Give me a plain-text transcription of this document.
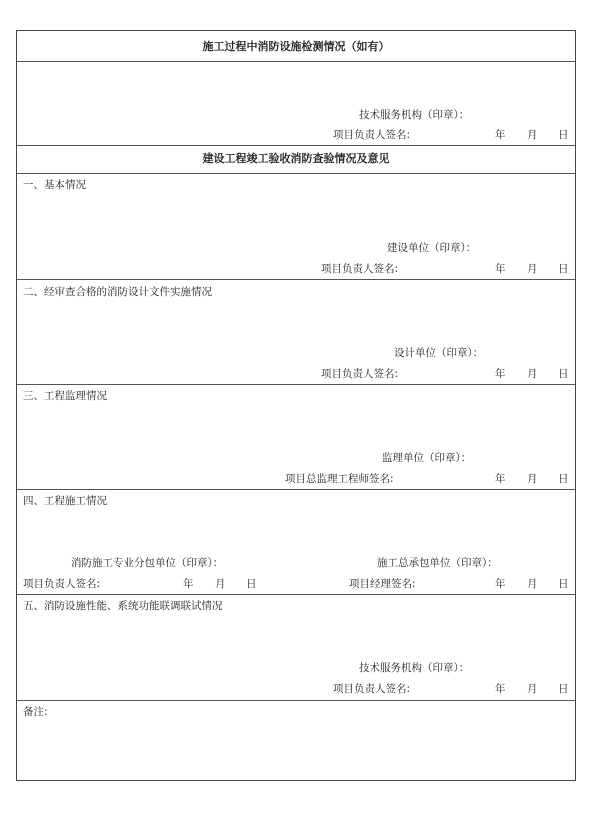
施工过程中消防设施检测情况（如有）
技术服务机构（印章）：
项目负责人签名:	年 月 日
建设工程竣工验收消防查验情况及意见
一、基本情况
建设单位（印章）：
项目负责人签名:	年 月 日
二、经审查合格的消防设计文件实施情况
设计单位（印章）：
项目负责人签名:	年 月 日
三、工程监理情况
监理单位（印章）：
项目总监理工程师签名:	年 月 日
四、工程施工情况
消防施工专业分包单位（印章）：
项目负责人签名:	年 月 日
施工总承包单位（印章）：
项目经理签名:	年 月 日
五、消防设施性能、系统功能联调联试情况
技术服务机构（印章）：
项目负责人签名:	年 月 日
备注:
